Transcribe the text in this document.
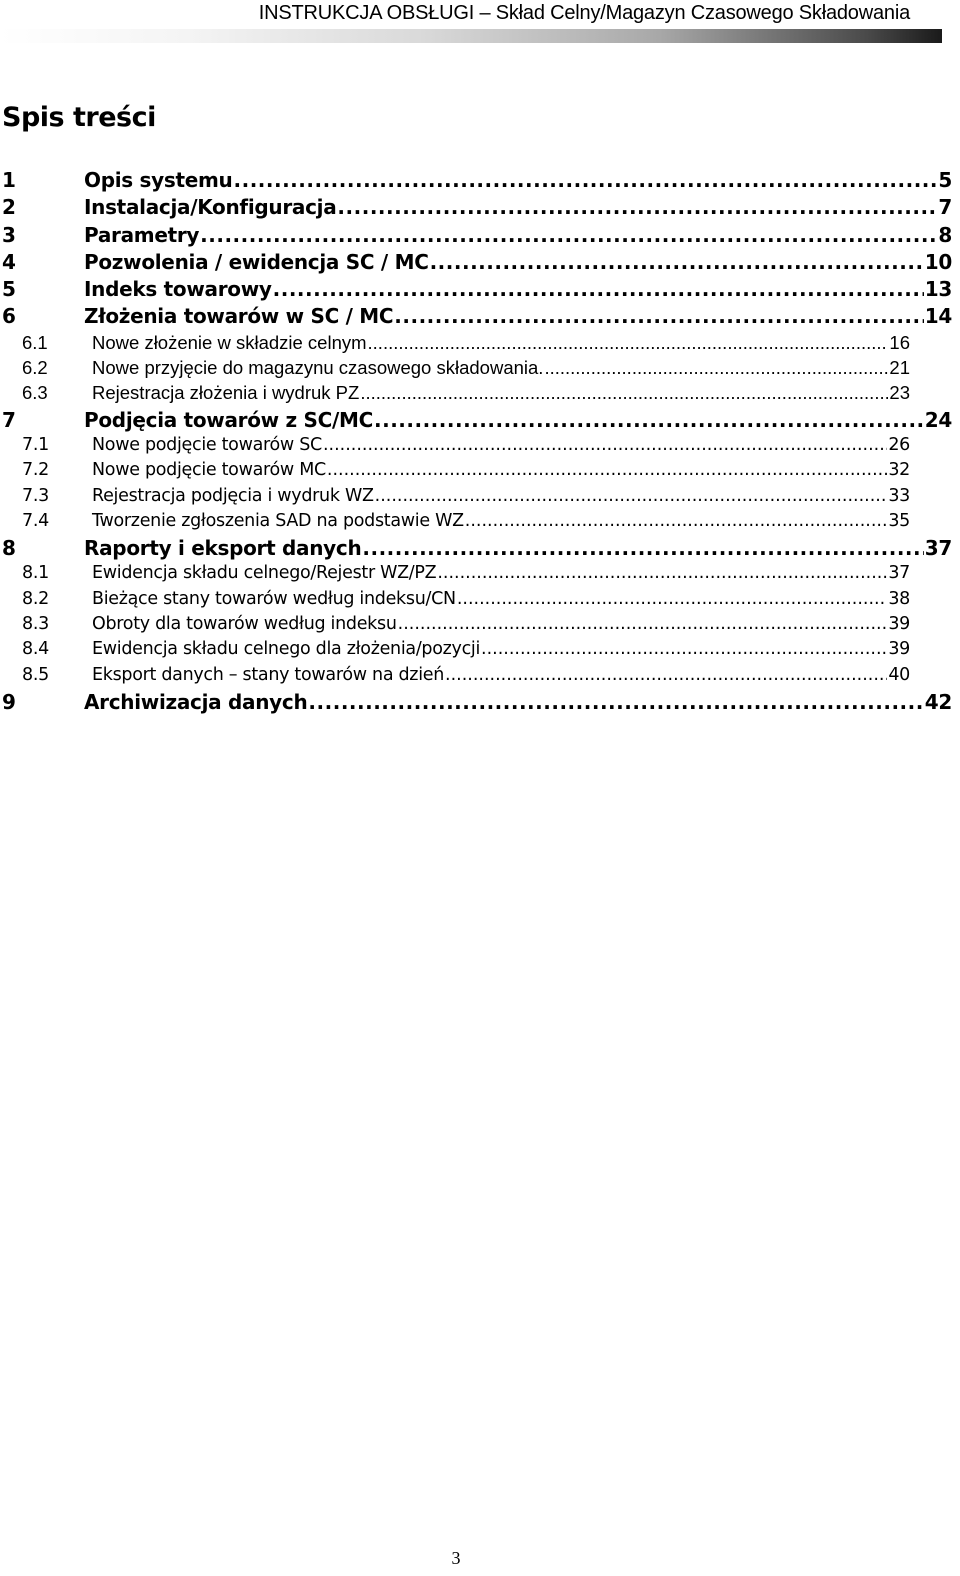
INSTRUKCJA OBSŁUGI – Skład Celny/Magazyn Czasowego Składowania
Spis treści
1	Opis systemu .....	5
2	Instalacja/Konfiguracja .....	7
3	Parametry .....	8
4	Pozwolenia / ewidencja SC / MC .....	10
5	Indeks towarowy .....	13
6	Złożenia towarów w SC / MC .....	14
6.1	Nowe złożenie w składzie celnym .....	16
6.2	Nowe przyjęcie do magazynu czasowego składowania. .....	21
6.3	Rejestracja złożenia i wydruk PZ .....	23
7	Podjęcia towarów z SC/MC .....	24
7.1	Nowe podjęcie towarów SC .....	26
7.2	Nowe podjęcie towarów MC .....	32
7.3	Rejestracja podjęcia i wydruk WZ .....	33
7.4	Tworzenie zgłoszenia SAD na podstawie WZ .....	35
8	Raporty i eksport danych .....	37
8.1	Ewidencja składu celnego/Rejestr WZ/PZ .....	37
8.2	Bieżące stany towarów według indeksu/CN .....	38
8.3	Obroty dla towarów według indeksu .....	39
8.4	Ewidencja składu celnego dla złożenia/pozycji .....	39
8.5	Eksport danych – stany towarów na dzień .....	40
9	Archiwizacja danych .....	42
3
